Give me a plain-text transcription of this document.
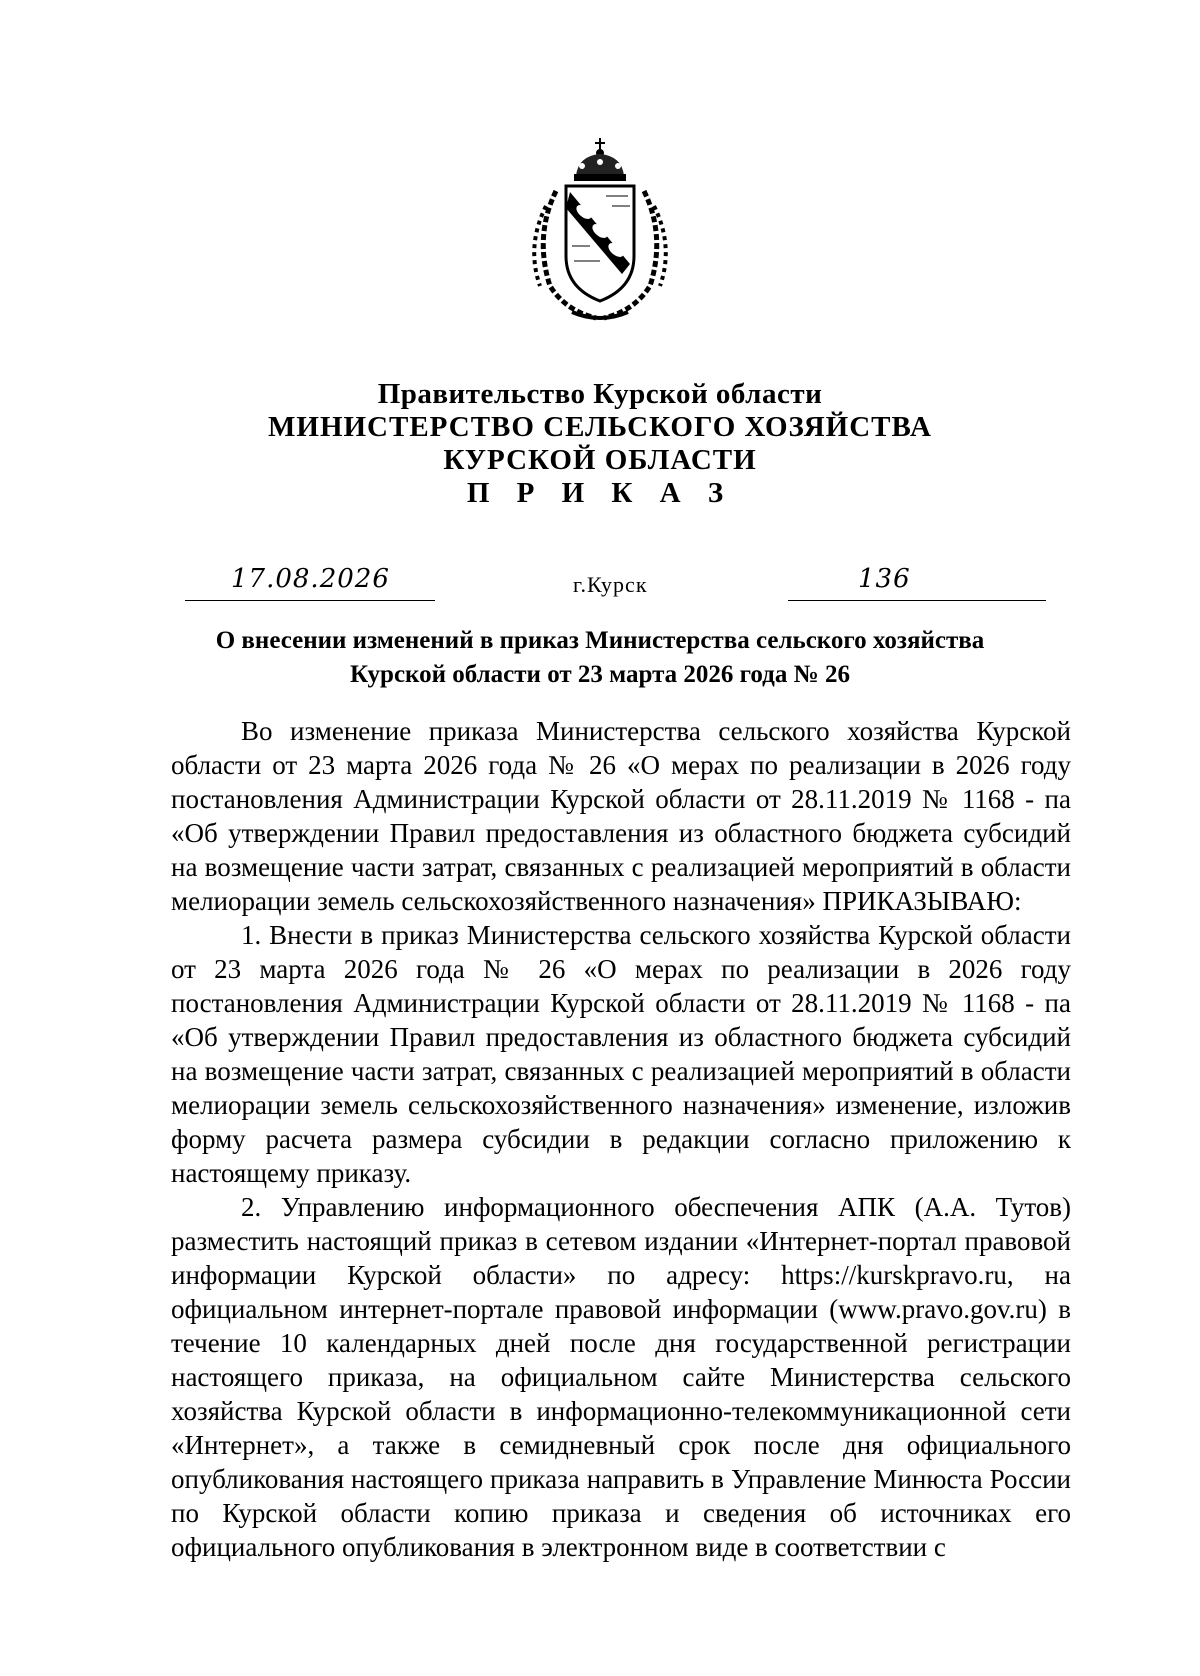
Правительство Курской области
МИНИСТЕРСТВО СЕЛЬСКОГО ХОЗЯЙСТВА
КУРСКОЙ ОБЛАСТИ
П Р И К А З
17.08.2026	г.Курск	136
О внесении изменений в приказ Министерства сельского хозяйства
Курской области от 23 марта 2026 года № 26

Во изменение приказа Министерства сельского хозяйства Курской области от 23 марта 2026 года № 26 «О мерах по реализации в 2026 году постановления Администрации Курской области от 28.11.2019 № 1168 - па «Об утверждении Правил предоставления из областного бюджета субсидий на возмещение части затрат, связанных с реализацией мероприятий в области мелиорации земель сельскохозяйственного назначения» ПРИКАЗЫВАЮ:

1. Внести в приказ Министерства сельского хозяйства Курской области от 23 марта 2026 года № 26 «О мерах по реализации в 2026 году постановления Администрации Курской области от 28.11.2019 № 1168 - па «Об утверждении Правил предоставления из областного бюджета субсидий на возмещение части затрат, связанных с реализацией мероприятий в области мелиорации земель сельскохозяйственного назначения» изменение, изложив форму расчета размера субсидии в редакции согласно приложению к настоящему приказу.

2. Управлению информационного обеспечения АПК (А.А. Тутов) разместить настоящий приказ в сетевом издании «Интернет-портал правовой информации Курской области» по адресу: https://kurskpravo.ru, на официальном интернет-портале правовой информации (www.pravo.gov.ru) в течение 10 календарных дней после дня государственной регистрации настоящего приказа, на официальном сайте Министерства сельского хозяйства Курской области в информационно-телекоммуникационной сети «Интернет», а также в семидневный срок после дня официального опубликования настоящего приказа направить в Управление Минюста России по Курской области копию приказа и сведения об источниках его официального опубликования в электронном виде в соответствии с
